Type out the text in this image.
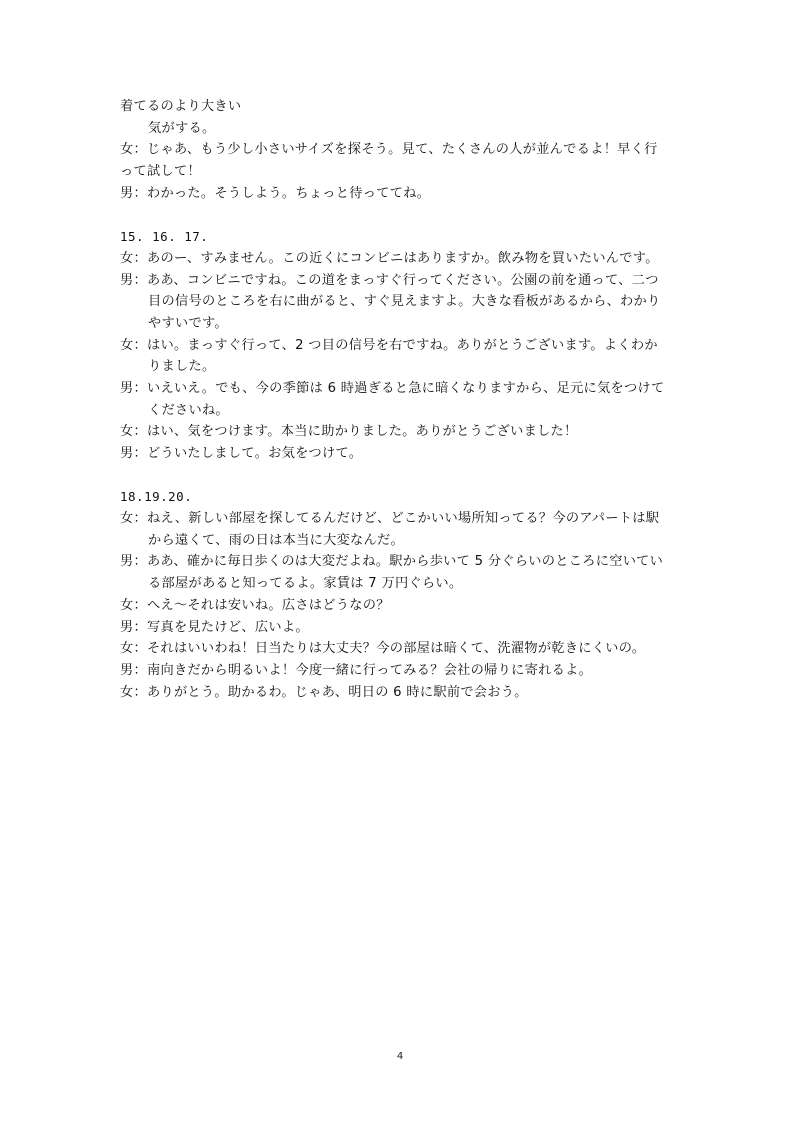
着てるのより大きい
気がする。
女：じゃあ、もう少し小さいサイズを探そう。見て、たくさんの人が並んでるよ！早く行
って試して！
男：わかった。そうしよう。ちょっと待っててね。
15. 16. 17.
女：あのー、すみません。この近くにコンビニはありますか。飲み物を買いたいんです。
男：ああ、コンビニですね。この道をまっすぐ行ってください。公園の前を通って、二つ
目の信号のところを右に曲がると、すぐ見えますよ。大きな看板があるから、わかり
やすいです。
女：はい。まっすぐ行って、2 つ目の信号を右ですね。ありがとうございます。よくわか
りました。
男：いえいえ。でも、今の季節は 6 時過ぎると急に暗くなりますから、足元に気をつけて
くださいね。
女：はい、気をつけます。本当に助かりました。ありがとうございました！
男：どういたしまして。お気をつけて。
18.19.20.
女：ねえ、新しい部屋を探してるんだけど、どこかいい場所知ってる？今のアパートは駅
から遠くて、雨の日は本当に大変なんだ。
男：ああ、確かに毎日歩くのは大変だよね。駅から歩いて 5 分ぐらいのところに空いてい
る部屋があると知ってるよ。家賃は 7 万円ぐらい。
女：へえ～それは安いね。広さはどうなの？
男：写真を見たけど、広いよ。
女：それはいいわね！日当たりは大丈夫？今の部屋は暗くて、洗濯物が乾きにくいの。
男：南向きだから明るいよ！今度一緒に行ってみる？会社の帰りに寄れるよ。
女：ありがとう。助かるわ。じゃあ、明日の 6 時に駅前で会おう。
4
